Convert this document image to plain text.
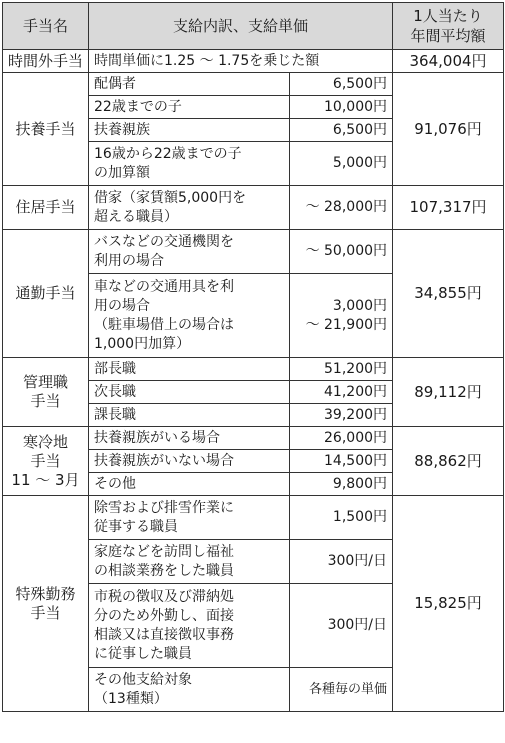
手当名	支給内訳、支給単価		1人当たり
年間平均額
時間外手当	時間単価に1.25 ～ 1.75を乗じた額		364,004円
扶養手当	配偶者	6,500円	91,076円
	22歳までの子	10,000円	
	扶養親族	6,500円	
	16歳から22歳までの子
の加算額	5,000円	
住居手当	借家（家賃額5,000円を
超える職員）	～ 28,000円	107,317円
通勤手当	バスなどの交通機関を
利用の場合	～ 50,000円	34,855円
	車などの交通用具を利
用の場合
（駐車場借上の場合は
1,000円加算）	3,000円
～ 21,900円	
管理職
手当	部長職	51,200円	89,112円
	次長職	41,200円	
	課長職	39,200円	
寒冷地
手当
11 ～ 3月	扶養親族がいる場合	26,000円	88,862円
	扶養親族がいない場合	14,500円	
	その他	9,800円	
特殊勤務
手当	除雪および排雪作業に
従事する職員	1,500円	15,825円
	家庭などを訪問し福祉
の相談業務をした職員	300円/日	
	市税の徴収及び滞納処
分のため外勤し、面接
相談又は直接徴収事務
に従事した職員	300円/日	
	その他支給対象
（13種類）	各種毎の単価	
